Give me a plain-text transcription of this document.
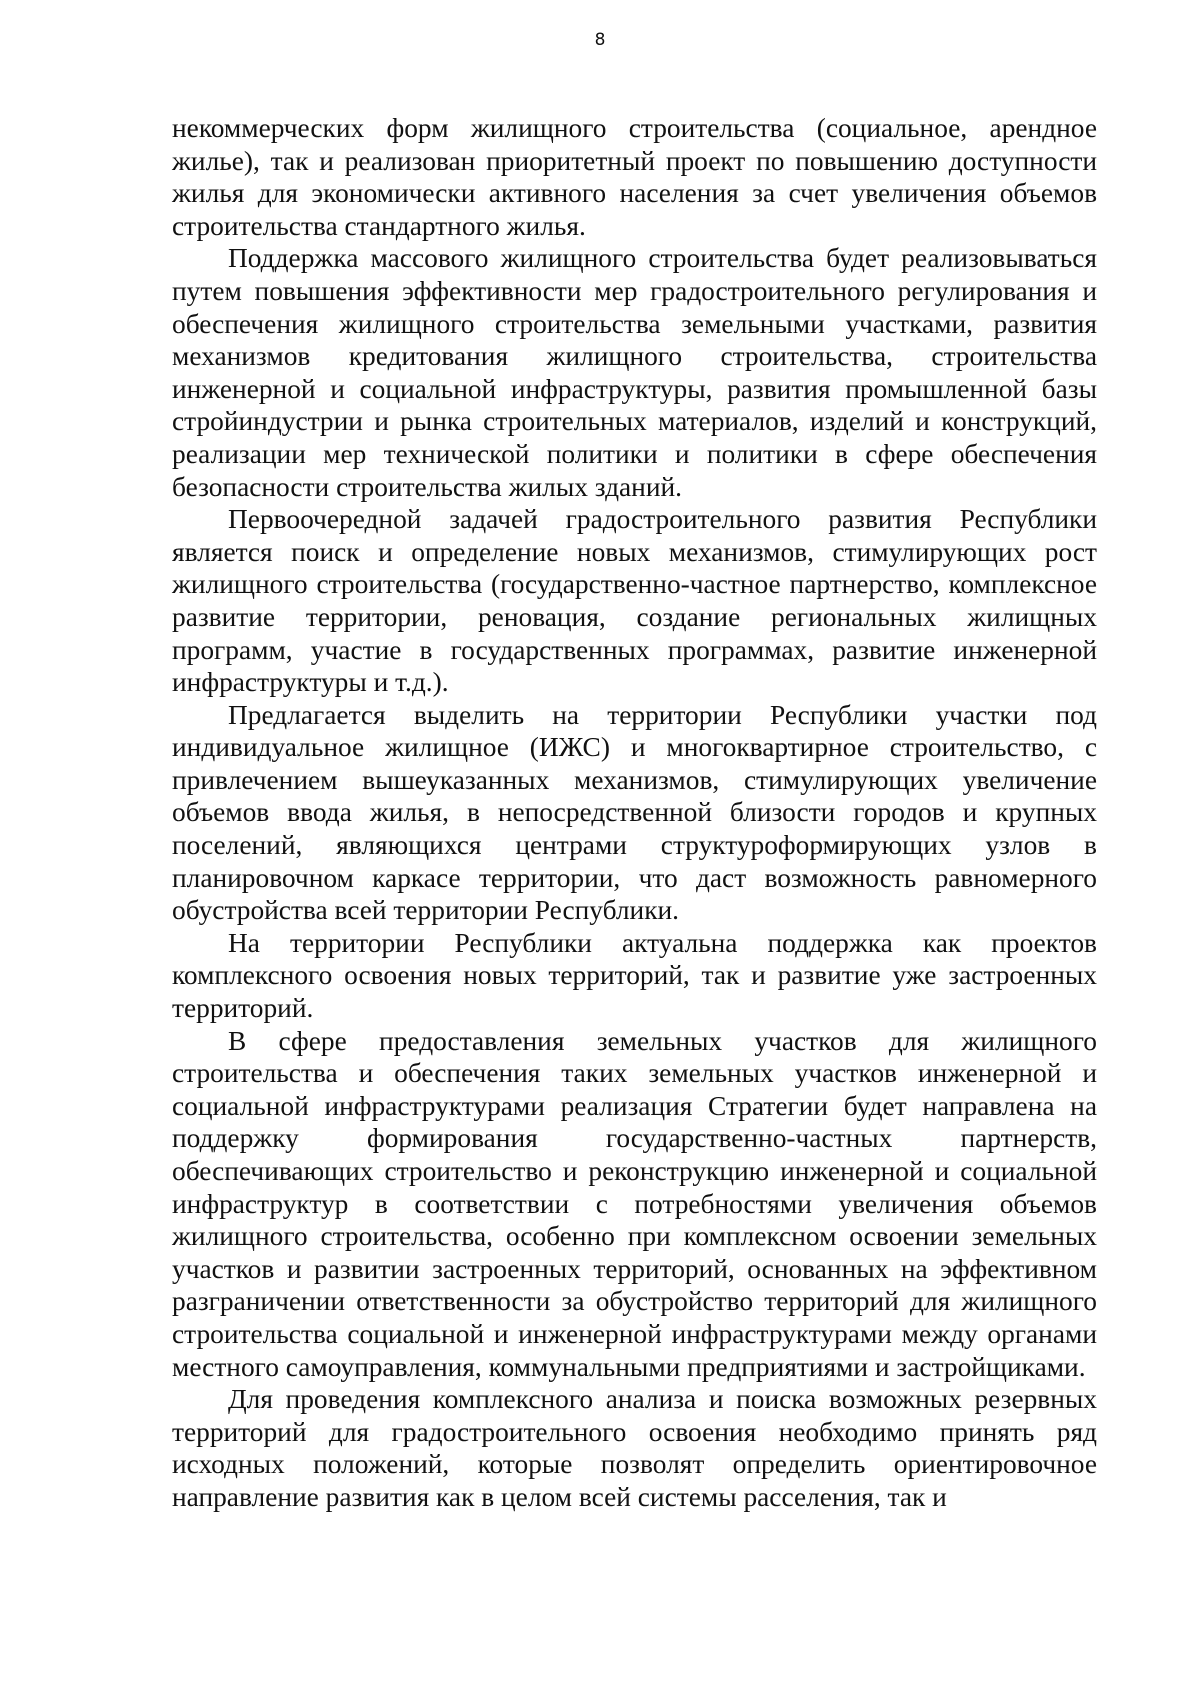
8

некоммерческих форм жилищного строительства (социальное, арендное жилье), так и реализован приоритетный проект по повышению доступности жилья для экономически активного населения за счет увеличения объемов строительства стандартного жилья.

Поддержка массового жилищного строительства будет реализовываться путем повышения эффективности мер градостроительного регулирования и обеспечения жилищного строительства земельными участками, развития механизмов кредитования жилищного строительства, строительства инженерной и социальной инфраструктуры, развития промышленной базы стройиндустрии и рынка строительных материалов, изделий и конструкций, реализации мер технической политики и политики в сфере обеспечения безопасности строительства жилых зданий.

Первоочередной задачей градостроительного развития Республики является поиск и определение новых механизмов, стимулирующих рост жилищного строительства (государственно-частное партнерство, комплексное развитие территории, реновация, создание региональных жилищных программ, участие в государственных программах, развитие инженерной инфраструктуры и т.д.).

Предлагается выделить на территории Республики участки под индивидуальное жилищное (ИЖС) и многоквартирное строительство, с привлечением вышеуказанных механизмов, стимулирующих увеличение объемов ввода жилья, в непосредственной близости городов и крупных поселений, являющихся центрами структуроформирующих узлов в планировочном каркасе территории, что даст возможность равномерного обустройства всей территории Республики.

На территории Республики актуальна поддержка как проектов комплексного освоения новых территорий, так и развитие уже застроенных территорий.

В сфере предоставления земельных участков для жилищного строительства и обеспечения таких земельных участков инженерной и социальной инфраструктурами реализация Стратегии будет направлена на поддержку формирования государственно-частных партнерств, обеспечивающих строительство и реконструкцию инженерной и социальной инфраструктур в соответствии с потребностями увеличения объемов жилищного строительства, особенно при комплексном освоении земельных участков и развитии застроенных территорий, основанных на эффективном разграничении ответственности за обустройство территорий для жилищного строительства социальной и инженерной инфраструктурами между органами местного самоуправления, коммунальными предприятиями и застройщиками.

Для проведения комплексного анализа и поиска возможных резервных территорий для градостроительного освоения необходимо принять ряд исходных положений, которые позволят определить ориентировочное направление развития как в целом всей системы расселения, так и
